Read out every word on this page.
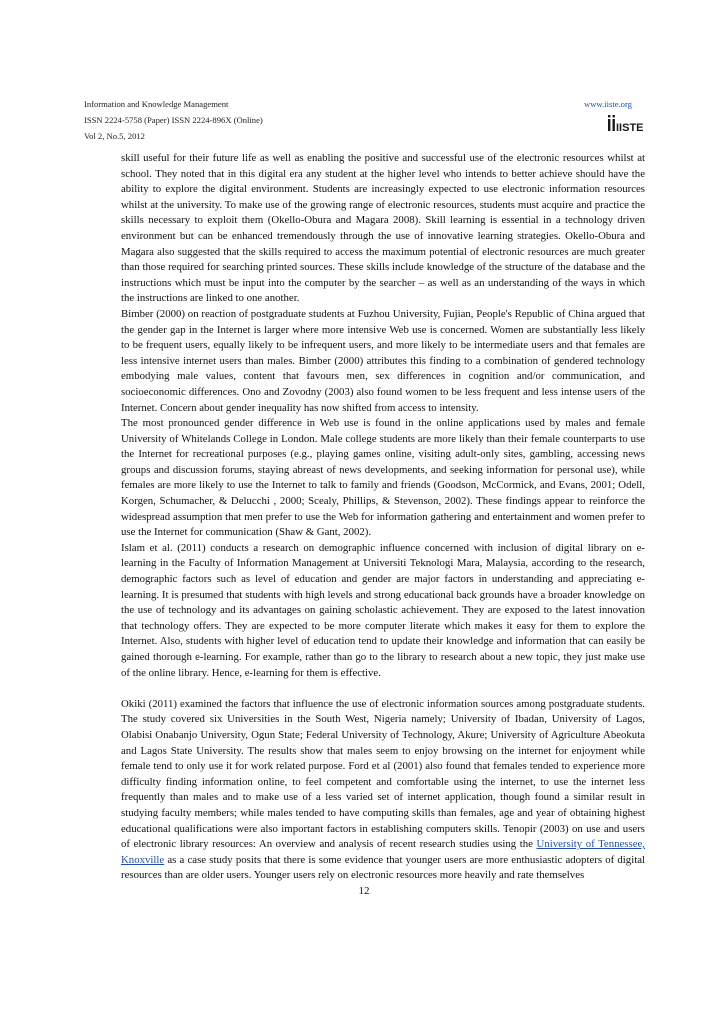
Information and Knowledge Management
ISSN 2224-5758 (Paper) ISSN 2224-896X (Online)
Vol 2, No.5, 2012
www.iiste.org
IISTE

skill useful for their future life as well as enabling the positive and successful use of the electronic resources whilst at school. They noted that in this digital era any student at the higher level who intends to better achieve should have the ability to explore the digital environment. Students are increasingly expected to use electronic information resources whilst at the university. To make use of the growing range of electronic resources, students must acquire and practice the skills necessary to exploit them (Okello-Obura and Magara 2008). Skill learning is essential in a technology driven environment but can be enhanced tremendously through the use of innovative learning strategies. Okello-Obura and Magara also suggested that the skills required to access the maximum potential of electronic resources are much greater than those required for searching printed sources. These skills include knowledge of the structure of the database and the instructions which must be input into the computer by the searcher – as well as an understanding of the ways in which the instructions are linked to one another.

Bimber (2000) on reaction of postgraduate students at Fuzhou University, Fujian, People's Republic of China argued that the gender gap in the Internet is larger where more intensive Web use is concerned. Women are substantially less likely to be frequent users, equally likely to be infrequent users, and more likely to be intermediate users and that females are less intensive internet users than males. Bimber (2000) attributes this finding to a combination of gendered technology embodying male values, content that favours men, sex differences in cognition and/or communication, and socioeconomic differences. Ono and Zovodny (2003) also found women to be less frequent and less intense users of the Internet. Concern about gender inequality has now shifted from access to intensity.

The most pronounced gender difference in Web use is found in the online applications used by males and female University of Whitelands College in London. Male college students are more likely than their female counterparts to use the Internet for recreational purposes (e.g., playing games online, visiting adult-only sites, gambling, accessing news groups and discussion forums, staying abreast of news developments, and seeking information for personal use), while females are more likely to use the Internet to talk to family and friends (Goodson, McCormick, and Evans, 2001; Odell, Korgen, Schumacher, & Delucchi , 2000; Scealy, Phillips, & Stevenson, 2002). These findings appear to reinforce the widespread assumption that men prefer to use the Web for information gathering and entertainment and women prefer to use the Internet for communication (Shaw & Gant, 2002).

Islam et al. (2011) conducts a research on demographic influence concerned with inclusion of digital library on e-learning in the Faculty of Information Management at Universiti Teknologi Mara, Malaysia, according to the research, demographic factors such as level of education and gender are major factors in understanding and appreciating e-learning. It is presumed that students with high levels and strong educational back grounds have a broader knowledge on the use of technology and its advantages on gaining scholastic achievement. They are exposed to the latest innovation that technology offers. They are expected to be more computer literate which makes it easy for them to explore the Internet. Also, students with higher level of education tend to update their knowledge and information that can easily be gained thorough e-learning. For example, rather than go to the library to research about a new topic, they just make use of the online library. Hence, e-learning for them is effective.

Okiki (2011) examined the factors that influence the use of electronic information sources among postgraduate students. The study covered six Universities in the South West, Nigeria namely; University of Ibadan, University of Lagos, Olabisi Onabanjo University, Ogun State; Federal University of Technology, Akure; University of Agriculture Abeokuta and Lagos State University. The results show that males seem to enjoy browsing on the internet for enjoyment while female tend to only use it for work related purpose. Ford et al (2001) also found that females tended to experience more difficulty finding information online, to feel competent and comfortable using the internet, to use the internet less frequently than males and to make use of a less varied set of internet application, though found a similar result in studying faculty members; while males tended to have computing skills than females, age and year of obtaining highest educational qualifications were also important factors in establishing computers skills. Tenopir (2003) on use and users of electronic library resources: An overview and analysis of recent research studies using the University of Tennessee, Knoxville as a case study posits that there is some evidence that younger users are more enthusiastic adopters of digital resources than are older users. Younger users rely on electronic resources more heavily and rate themselves

12
